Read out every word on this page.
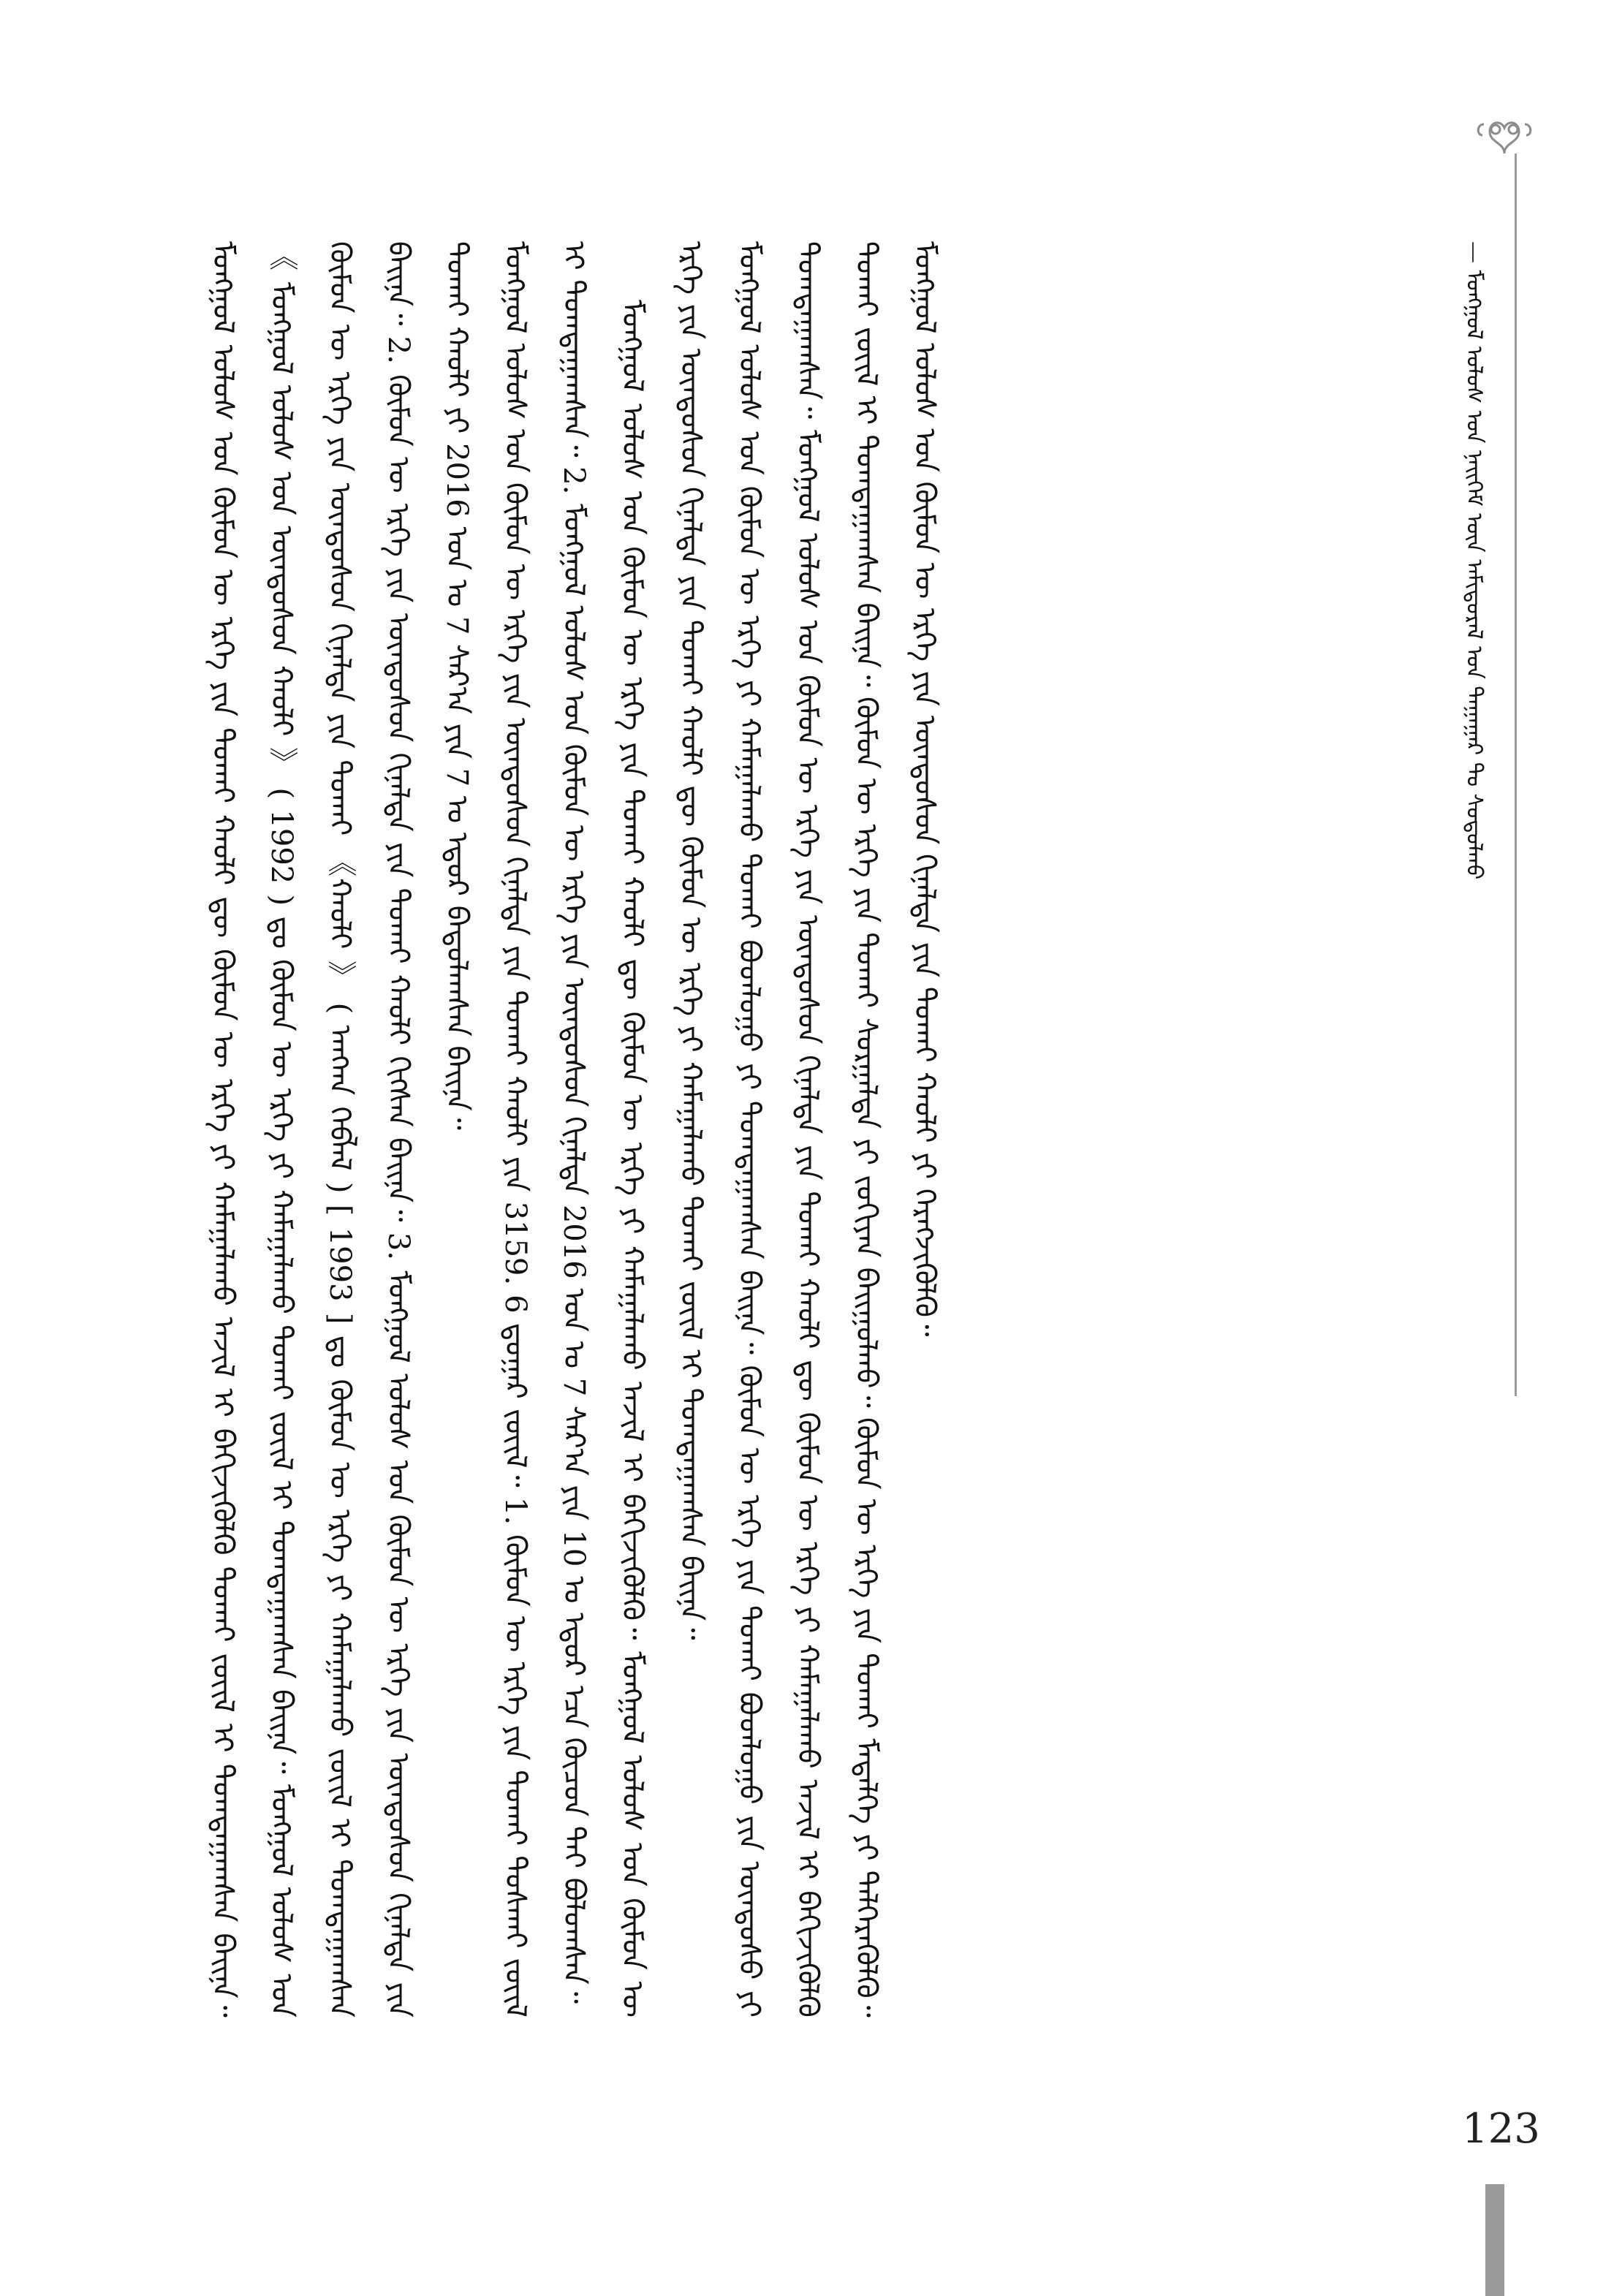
— ᠮᠣᠩᠭᠣᠯ ᠤᠯᠤᠰ ᠤᠨ ᠨᠡᠢᠭᠡᠮ ᠦᠨ ᠠᠮᠢᠳᠤᠷᠠᠯ ᠤᠨ ᠳᠠᠭᠠᠭᠠᠷ ᠲᠤ ᠰᠤᠳᠤᠯᠬᠤ

ᠮᠣᠩᠭᠣᠯ ᠤᠯᠤᠰ ᠤᠨ ᠬᠦᠮᠦᠨ ᠦ ᠡᠷᠬᠡ ᠶᠢᠨ ᠲᠤᠬᠠᠢ ᠬᠠᠤᠯᠢ ᠳᠦ ᠬᠦᠮᠦᠨ ᠦ ᠡᠷᠬᠡ ᠶᠢ ᠬᠠᠮᠠᠭᠠᠯᠠᠬᠤ ᠠᠵᠢᠯ ᠢ ᠪᠡᠬᠢᠵᠢᠭᠦᠯᠬᠦ ᠲᠤᠬᠠᠢ ᠵᠦᠢᠯ ᠢ ᠲᠣᠭᠲᠠᠭᠠᠭᠰᠠᠨ ᠪᠠᠢᠨᠠ᠃ 《 ᠮᠣᠩᠭᠣᠯ ᠤᠯᠤᠰ ᠤᠨ ᠦᠨᠳᠦᠰᠦᠨ ᠬᠠᠤᠯᠢ 》 ( 1992 ) ᠳᠤ ᠬᠦᠮᠦᠨ ᠦ ᠡᠷᠬᠡ ᠶᠢ ᠬᠠᠮᠠᠭᠠᠯᠠᠬᠤ ᠲᠤᠬᠠᠢ ᠵᠦᠢᠯ ᠢ ᠲᠣᠭᠲᠠᠭᠠᠭᠰᠠᠨ ᠪᠠᠢᠨᠠ᠃ ᠮᠣᠩᠭᠣᠯ ᠤᠯᠤᠰ ᠤᠨ ᠬᠦᠮᠦᠨ ᠦ ᠡᠷᠬᠡ ᠶᠢᠨ ᠦᠨᠳᠦᠰᠦᠨ ᠬᠢᠨᠠᠯᠲᠠ ᠶᠢᠨ ᠲᠤᠬᠠᠢ 《ᠬᠠᠤᠯᠢ 》 ( ᠠᠨᠭᠬᠠ ᠬᠡᠪᠯᠡᠯ ) [ 1993 ] ᠳᠤ ᠬᠦᠮᠦᠨ ᠦ ᠡᠷᠬᠡ ᠶᠢ ᠬᠠᠮᠠᠭᠠᠯᠠᠬᠤ ᠵᠦᠢᠯ ᠢ ᠲᠣᠭᠲᠠᠭᠠᠭᠰᠠᠨ ᠪᠠᠢᠨᠠ᠃ 2. ᠬᠦᠮᠦᠨ ᠦ ᠡᠷᠬᠡ ᠶᠢᠨ ᠦᠨᠳᠦᠰᠦᠨ ᠬᠢᠨᠠᠯᠲᠠ ᠶᠢᠨ ᠲᠤᠬᠠᠢ ᠬᠠᠤᠯᠢ ᠬᠢᠭᠰᠡᠨ ᠪᠠᠢᠨᠠ᠃ 3. ᠮᠣᠩᠭᠣᠯ ᠤᠯᠤᠰ ᠤᠨ ᠬᠦᠮᠦᠨ ᠦ ᠡᠷᠬᠡ ᠶᠢᠨ ᠦᠨᠳᠦᠰᠦᠨ ᠬᠢᠨᠠᠯᠲᠠ ᠶᠢᠨ ᠲᠤᠬᠠᠢ ᠬᠠᠤᠯᠢ ᠶᠢ 2016 ᠣᠨ ᠤ 7 ᠰᠠᠷ᠎ᠠ ᠶᠢᠨ 7 ᠤ ᠡᠳᠦᠷ ᠪᠠᠲᠤᠯᠠᠭᠰᠠᠨ ᠪᠠᠢᠨᠠ᠃ ᠮᠣᠩᠭᠣᠯ ᠤᠯᠤᠰ ᠤᠨ ᠬᠦᠮᠦᠨ ᠦ ᠡᠷᠬᠡ ᠶᠢᠨ ᠦᠨᠳᠦᠰᠦᠨ ᠬᠢᠨᠠᠯᠲᠠ ᠶᠢᠨ ᠲᠤᠬᠠᠢ ᠬᠠᠤᠯᠢ ᠶᠢᠨ 3159. 6 ᠳ᠋ᠤᠭᠠᠷ ᠵᠦᠢᠯ᠃ 1. ᠬᠦᠮᠦᠨ ᠦ ᠡᠷᠬᠡ ᠶᠢᠨ ᠲᠤᠬᠠᠢ ᠲᠤᠰᠬᠠᠢ ᠵᠦᠢᠯ ᠢ ᠲᠣᠭᠲᠠᠭᠠᠭᠰᠠᠨ᠃ 2. ᠮᠣᠩᠭᠣᠯ ᠤᠯᠤᠰ ᠤᠨ ᠬᠦᠮᠦᠨ ᠦ ᠡᠷᠬᠡ ᠶᠢᠨ ᠦᠨᠳᠦᠰᠦᠨ ᠬᠢᠨᠠᠯᠲᠠ 2016 ᠣᠨ ᠤ 7 ᠰᠠᠷ᠎ᠠ ᠶᠢᠨ 10 ᠤ ᠡᠳᠦᠷ ᠡᠴᠡ ᠬᠦᠴᠦᠨ ᠲᠡᠢ ᠪᠣᠯᠤᠭᠰᠠᠨ᠃ ᠮᠣᠩᠭᠣᠯ ᠤᠯᠤᠰ ᠤᠨ ᠬᠦᠮᠦᠨ ᠦ ᠡᠷᠬᠡ ᠶᠢᠨ ᠲᠤᠬᠠᠢ ᠬᠠᠤᠯᠢ ᠳᠦ ᠬᠦᠮᠦᠨ ᠦ ᠡᠷᠬᠡ ᠶᠢ ᠬᠠᠮᠠᠭᠠᠯᠠᠬᠤ ᠠᠵᠢᠯ ᠢ ᠪᠡᠬᠢᠵᠢᠭᠦᠯᠬᠦ᠃ ᠮᠣᠩᠭᠣᠯ ᠤᠯᠤᠰ ᠤᠨ ᠬᠦᠮᠦᠨ ᠦ ᠡᠷᠬᠡ ᠶᠢᠨ ᠦᠨᠳᠦᠰᠦᠨ ᠬᠢᠨᠠᠯᠲᠠ ᠶᠢᠨ ᠲᠤᠬᠠᠢ ᠬᠠᠤᠯᠢ ᠳᠦ ᠬᠦᠮᠦᠨ ᠦ ᠡᠷᠬᠡ ᠶᠢ ᠬᠠᠮᠠᠭᠠᠯᠠᠬᠤ ᠲᠤᠬᠠᠢ ᠵᠦᠢᠯ ᠢ ᠲᠣᠭᠲᠠᠭᠠᠭᠰᠠᠨ ᠪᠠᠢᠨᠠ᠃ ᠮᠣᠩᠭᠣᠯ ᠤᠯᠤᠰ ᠤᠨ ᠬᠦᠮᠦᠨ ᠦ ᠡᠷᠬᠡ ᠶᠢ ᠬᠠᠮᠠᠭᠠᠯᠠᠬᠤ ᠲᠤᠬᠠᠢ ᠪᠣᠳᠯᠣᠭᠣ ᠶᠢ ᠲᠣᠭᠲᠠᠭᠠᠭᠰᠠᠨ ᠪᠠᠢᠨᠠ᠃ ᠬᠦᠮᠦᠨ ᠦ ᠡᠷᠬᠡ ᠶᠢᠨ ᠲᠤᠬᠠᠢ ᠪᠣᠳᠯᠣᠭᠣ ᠶᠢᠨ ᠦᠨᠳᠦᠰᠦ ᠶᠢ ᠲᠣᠭᠲᠠᠭᠠᠭᠰᠠᠨ᠃ ᠮᠣᠩᠭᠣᠯ ᠤᠯᠤᠰ ᠤᠨ ᠬᠦᠮᠦᠨ ᠦ ᠡᠷᠬᠡ ᠶᠢᠨ ᠦᠨᠳᠦᠰᠦᠨ ᠬᠢᠨᠠᠯᠲᠠ ᠶᠢᠨ ᠲᠤᠬᠠᠢ ᠬᠠᠤᠯᠢ ᠳᠦ ᠬᠦᠮᠦᠨ ᠦ ᠡᠷᠬᠡ ᠶᠢ ᠬᠠᠮᠠᠭᠠᠯᠠᠬᠤ ᠠᠵᠢᠯ ᠢ ᠪᠡᠬᠢᠵᠢᠭᠦᠯᠬᠦ ᠲᠤᠬᠠᠢ ᠵᠦᠢᠯ ᠢ ᠲᠣᠭᠲᠠᠭᠠᠭᠰᠠᠨ ᠪᠠᠢᠨᠠ᠃ ᠬᠦᠮᠦᠨ ᠦ ᠡᠷᠬᠡ ᠶᠢᠨ ᠲᠤᠬᠠᠢ ᠰᠤᠷᠭᠠᠯᠲᠠ ᠶᠢ ᠵᠣᠬᠢᠶᠠᠨ ᠪᠠᠢᠭᠤᠯᠬᠤ᠃ ᠬᠦᠮᠦᠨ ᠦ ᠡᠷᠬᠡ ᠶᠢᠨ ᠲᠤᠬᠠᠢ ᠮᠡᠳᠡᠯᠭᠡ ᠶᠢ ᠳᠡᠯᠭᠡᠷᠡᠭᠦᠯᠬᠦ᠃ ᠮᠣᠩᠭᠣᠯ ᠤᠯᠤᠰ ᠤᠨ ᠬᠦᠮᠦᠨ ᠦ ᠡᠷᠬᠡ ᠶᠢᠨ ᠦᠨᠳᠦᠰᠦᠨ ᠬᠢᠨᠠᠯᠲᠠ ᠶᠢᠨ ᠲᠤᠬᠠᠢ ᠬᠠᠤᠯᠢ ᠶᠢ ᠬᠡᠷᠡᠭᠵᠢᠭᠦᠯᠬᠦ᠃

123
